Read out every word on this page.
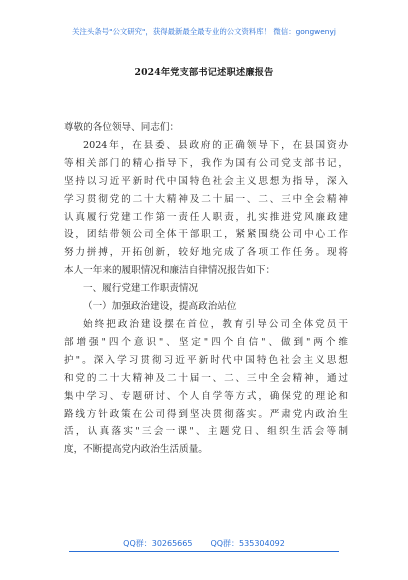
关注头条号"公文研究"，获得最新最全最专业的公文资料库！ 微信：gongwenyj
2024年党支部书记述职述廉报告
尊敬的各位领导、同志们：
2024年，在县委、县政府的正确领导下，在县国资办
等相关部门的精心指导下，我作为国有公司党支部书记，
坚持以习近平新时代中国特色社会主义思想为指导，深入
学习贯彻党的二十大精神及二十届一、二、三中全会精神
认真履行党建工作第一责任人职责，扎实推进党风廉政建
设，团结带领公司全体干部职工，紧紧围绕公司中心工作
努力拼搏，开拓创新，较好地完成了各项工作任务。现将
本人一年来的履职情况和廉洁自律情况报告如下：
一、履行党建工作职责情况
（一）加强政治建设，提高政治站位
始终把政治建设摆在首位，教育引导公司全体党员干
部增强"四个意识"、坚定"四个自信"、做到"两个维
护"。深入学习贯彻习近平新时代中国特色社会主义思想
和党的二十大精神及二十届一、二、三中全会精神，通过
集中学习、专题研讨、个人自学等方式，确保党的理论和
路线方针政策在公司得到坚决贯彻落实。严肃党内政治生
活，认真落实"三会一课"、主题党日、组织生活会等制
度，不断提高党内政治生活质量。
QQ群：30265665 QQ群：535304092
